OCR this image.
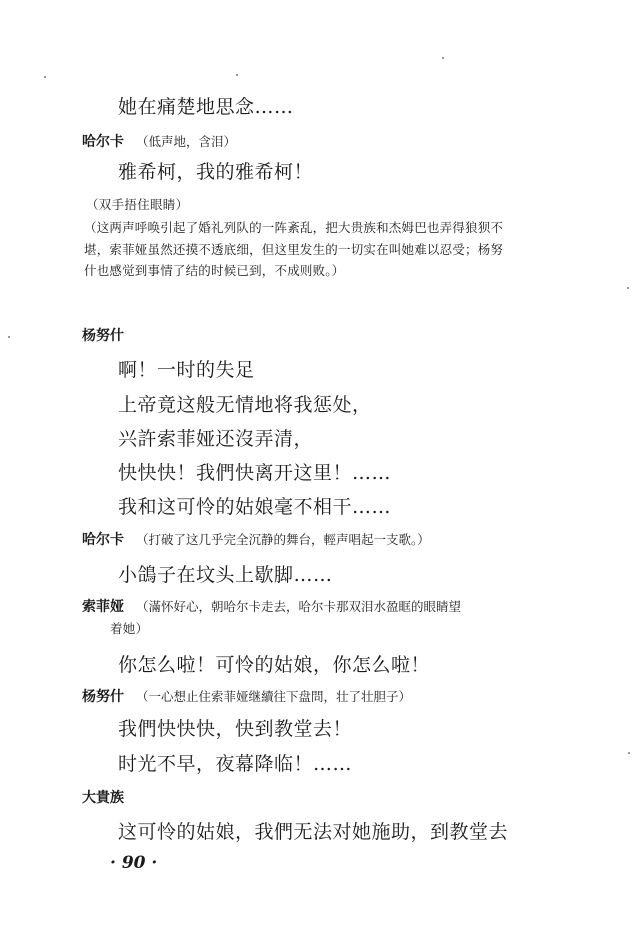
她在痛楚地思念……
哈尔卡 （低声地，含泪）
雅希柯，我的雅希柯！
（双手捂住眼睛）
（这两声呼唤引起了婚礼列队的一阵紊乱，把大贵族和杰姆巴也弄得狼狈不堪，索菲娅虽然还摸不透底细，但这里发生的一切实在叫她难以忍受；杨努什也感觉到事情了结的时候已到，不成则败。）
杨努什
啊！一时的失足
上帝竟这般无情地将我惩处，
兴許索菲娅还沒弄清，
快快快！我們快离开这里！……
我和这可怜的姑娘毫不相干……
哈尔卡 （打破了这几乎完全沉静的舞台，輕声唱起一支歌。）
小鴿子在坟头上歇脚……
索菲娅 （滿怀好心，朝哈尔卡走去，哈尔卡那双泪水盈眶的眼睛望
着她）
你怎么啦！可怜的姑娘，你怎么啦！
杨努什 （一心想止住索菲娅继續往下盘問，壮了壮胆子）
我們快快快，快到教堂去！
时光不早，夜幕降临！……
大貴族
这可怜的姑娘，我們无法对她施助，到教堂去
· 90 ·
